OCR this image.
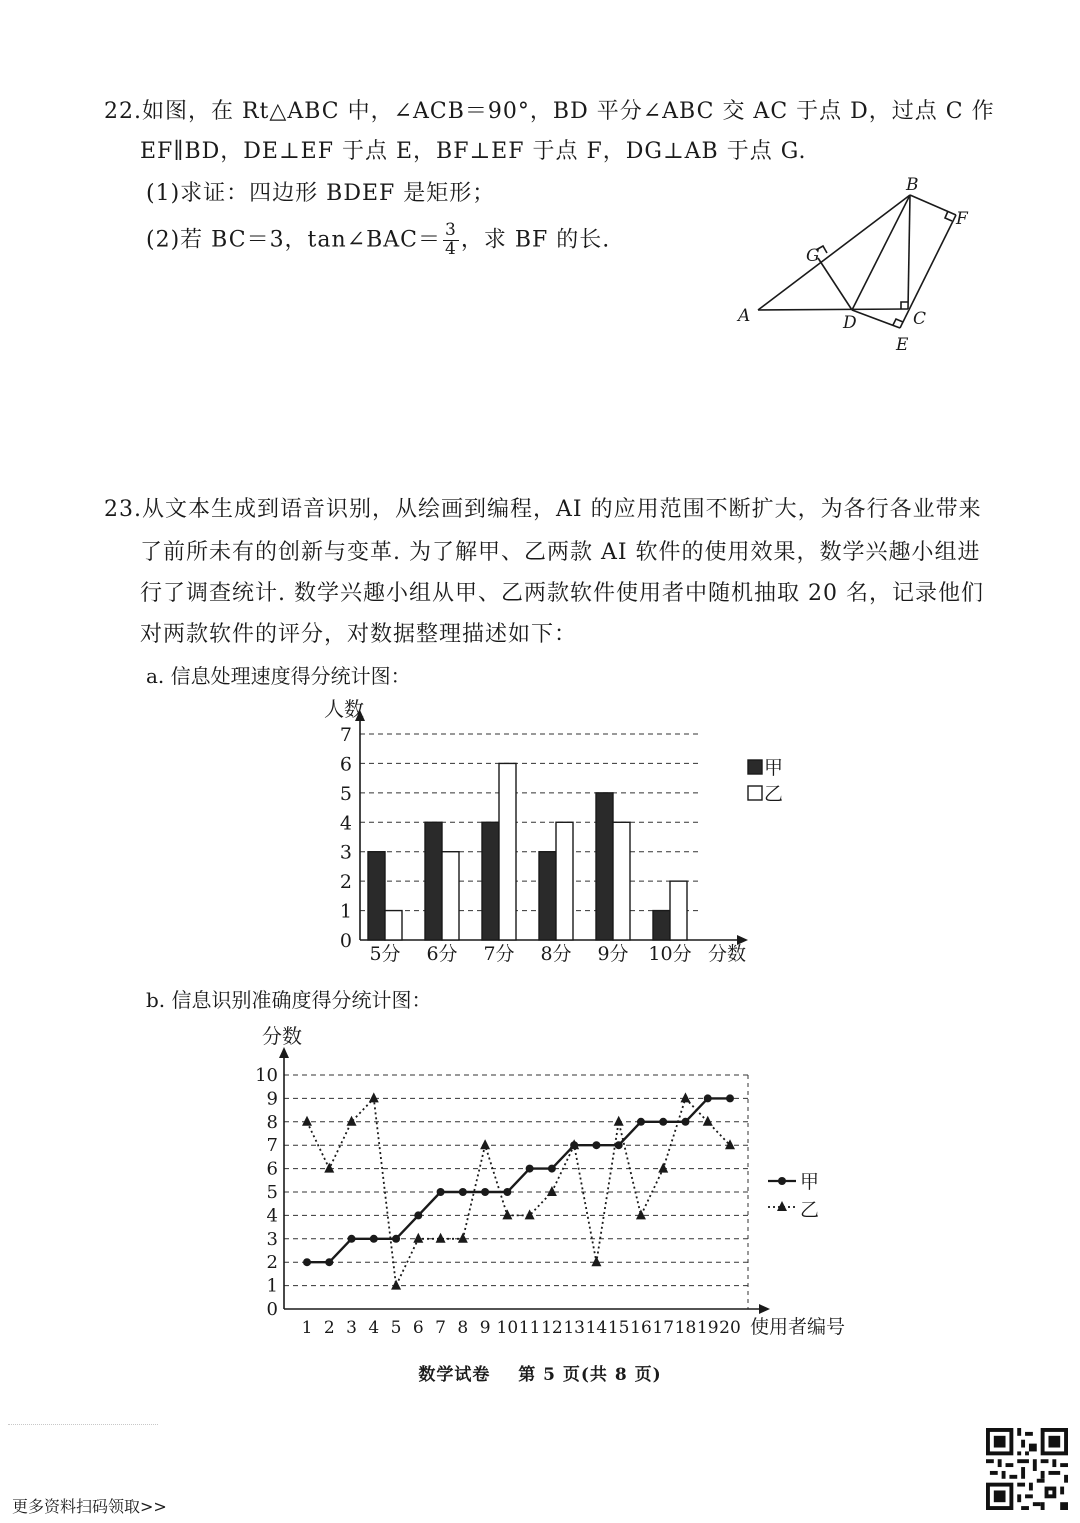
22.如图，在 Rt△ABC 中，∠ACB＝90°，BD 平分∠ABC 交 AC 于点 D，过点 C 作
EF∥BD，DE⊥EF 于点 E，BF⊥EF 于点 F，DG⊥AB 于点 G.
(1)求证：四边形 BDEF 是矩形；
(2)若 BC＝3，tan∠BAC＝ $\frac{3}{4}$ ，求 BF 的长.
A
B
C
D
E
F
G
23.从文本生成到语音识别，从绘画到编程，AI 的应用范围不断扩大，为各行各业带来
了前所未有的创新与变革. 为了解甲、乙两款 AI 软件的使用效果，数学兴趣小组进
行了调查统计. 数学兴趣小组从甲、乙两款软件使用者中随机抽取 20 名，记录他们
对两款软件的评分，对数据整理描述如下：
a. 信息处理速度得分统计图：
0
1
2
3
4
5
6
7
人数
分数
5分 6分 7分 8分 9分 10分
甲
乙
b. 信息识别准确度得分统计图：
分数
使用者编号
0
1
2
3
4
5
6
7
8
9
10
1 2 3 4 5 6 7 8 9 10 11 12 13 14 15 16 17 18 19 20
甲
乙
数学试卷 第 5 页(共 8 页)
更多资料扫码领取>>
